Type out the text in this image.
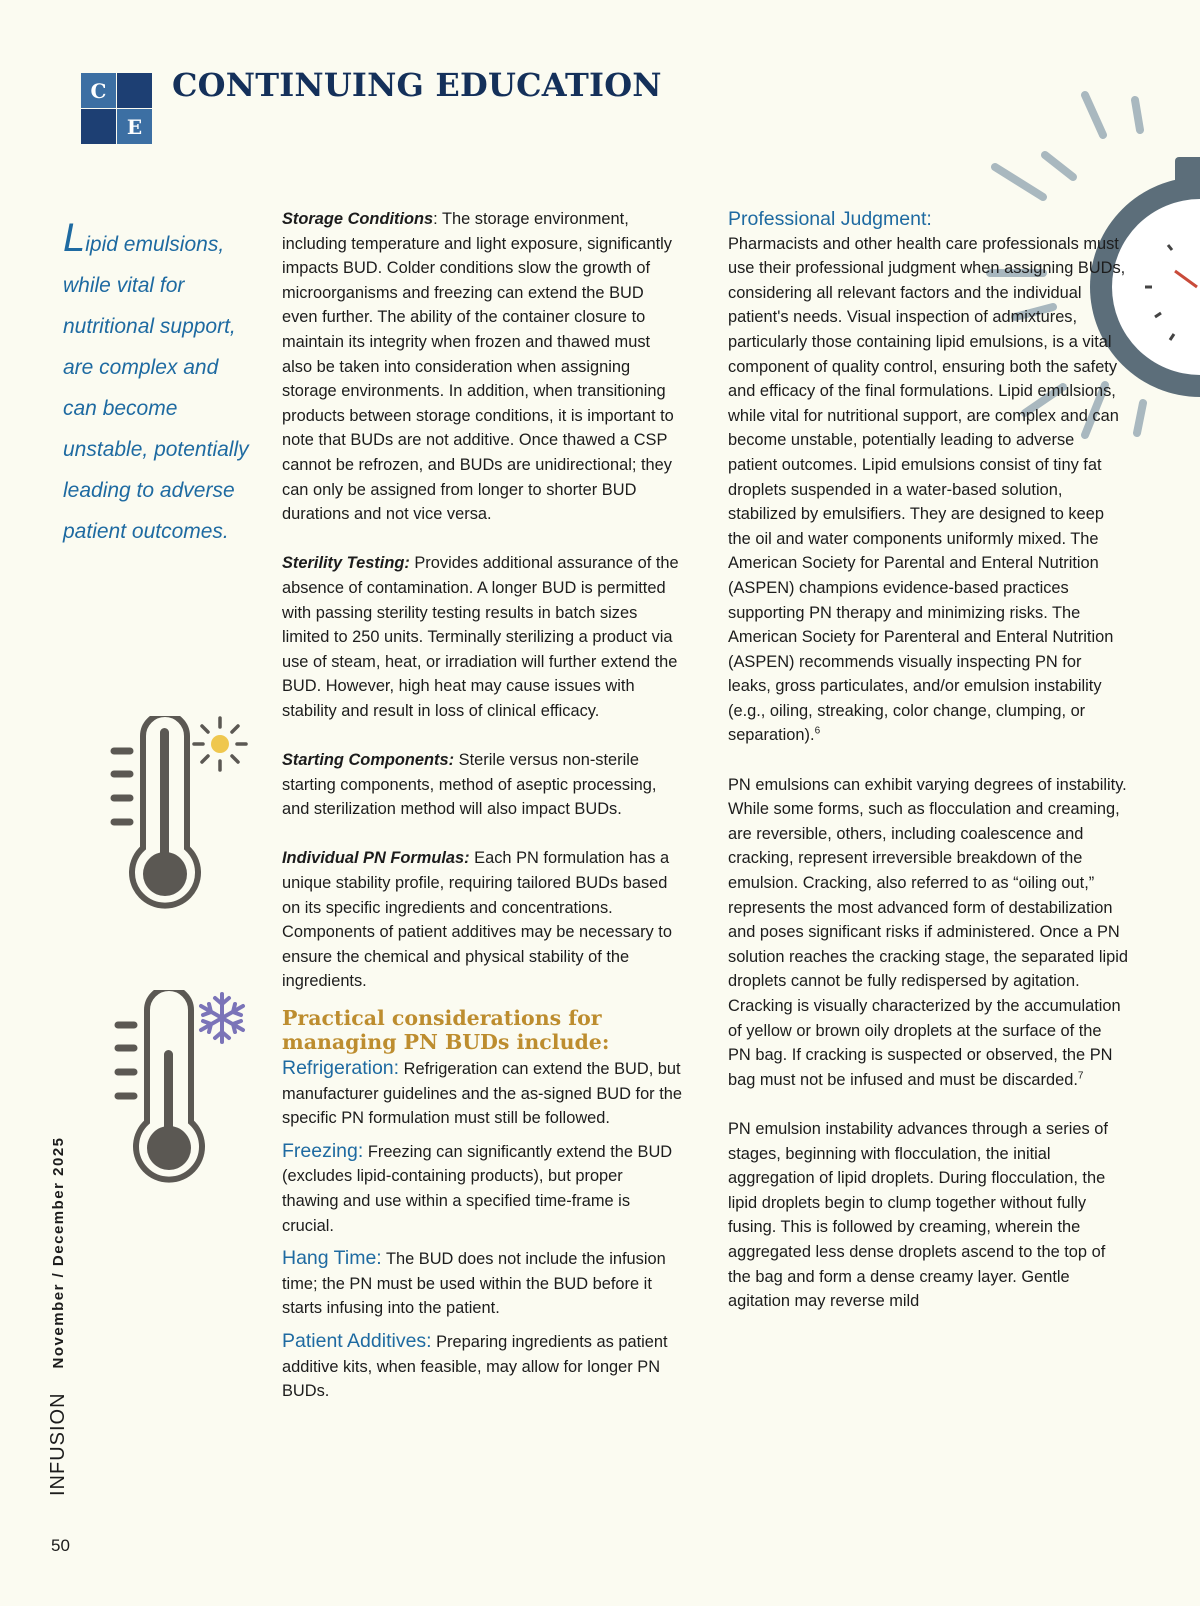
C
E
CONTINUING EDUCATION

Lipid emulsions, while vital for nutritional support, are complex and can become unstable, potentially leading to adverse patient outcomes.

Storage Conditions: The storage environment, including temperature and light exposure, significantly impacts BUD. Colder conditions slow the growth of microorganisms and freezing can extend the BUD even further. The ability of the container closure to maintain its integrity when frozen and thawed must also be taken into consideration when assigning storage environments. In addition, when transitioning products between storage conditions, it is important to note that BUDs are not additive. Once thawed a CSP cannot be refrozen, and BUDs are unidirectional; they can only be assigned from longer to shorter BUD durations and not vice versa.

Sterility Testing: Provides additional assurance of the absence of contamination. A longer BUD is permitted with passing sterility testing results in batch sizes limited to 250 units. Terminally sterilizing a product via use of steam, heat, or irradiation will further extend the BUD. However, high heat may cause issues with stability and result in loss of clinical efficacy.

Starting Components: Sterile versus non-sterile starting components, method of aseptic processing, and sterilization method will also impact BUDs.

Individual PN Formulas: Each PN formulation has a unique stability profile, requiring tailored BUDs based on its specific ingredients and concentrations. Components of patient additives may be necessary to ensure the chemical and physical stability of the ingredients.

Practical considerations for managing PN BUDs include:

Refrigeration: Refrigeration can extend the BUD, but manufacturer guidelines and the as-signed BUD for the specific PN formulation must still be followed.

Freezing: Freezing can significantly extend the BUD (excludes lipid-containing products), but proper thawing and use within a specified time-frame is crucial.

Hang Time: The BUD does not include the infusion time; the PN must be used within the BUD before it starts infusing into the patient.

Patient Additives: Preparing ingredients as patient additive kits, when feasible, may allow for longer PN BUDs.

Professional Judgment:

Pharmacists and other health care professionals must use their professional judgment when assigning BUDs, considering all relevant factors and the individual patient's needs. Visual inspection of admixtures, particularly those containing lipid emulsions, is a vital component of quality control, ensuring both the safety and efficacy of the final formulations. Lipid emulsions, while vital for nutritional support, are complex and can become unstable, potentially leading to adverse patient outcomes. Lipid emulsions consist of tiny fat droplets suspended in a water-based solution, stabilized by emulsifiers. They are designed to keep the oil and water components uniformly mixed. The American Society for Parental and Enteral Nutrition (ASPEN) champions evidence-based practices supporting PN therapy and minimizing risks. The American Society for Parenteral and Enteral Nutrition (ASPEN) recommends visually inspecting PN for leaks, gross particulates, and/or emulsion instability (e.g., oiling, streaking, color change, clumping, or separation).$^6$

PN emulsions can exhibit varying degrees of instability. While some forms, such as flocculation and creaming, are reversible, others, including coalescence and cracking, represent irreversible breakdown of the emulsion. Cracking, also referred to as “oiling out,” represents the most advanced form of destabilization and poses significant risks if administered. Once a PN solution reaches the cracking stage, the separated lipid droplets cannot be fully redispersed by agitation. Cracking is visually characterized by the accumulation of yellow or brown oily droplets at the surface of the PN bag. If cracking is suspected or observed, the PN bag must not be infused and must be discarded.$^7$

PN emulsion instability advances through a series of stages, beginning with flocculation, the initial aggregation of lipid droplets. During flocculation, the lipid droplets begin to clump together without fully fusing. This is followed by creaming, wherein the aggregated less dense droplets ascend to the top of the bag and form a dense creamy layer. Gentle agitation may reverse mild

INFUSION
November / December 2025
50
